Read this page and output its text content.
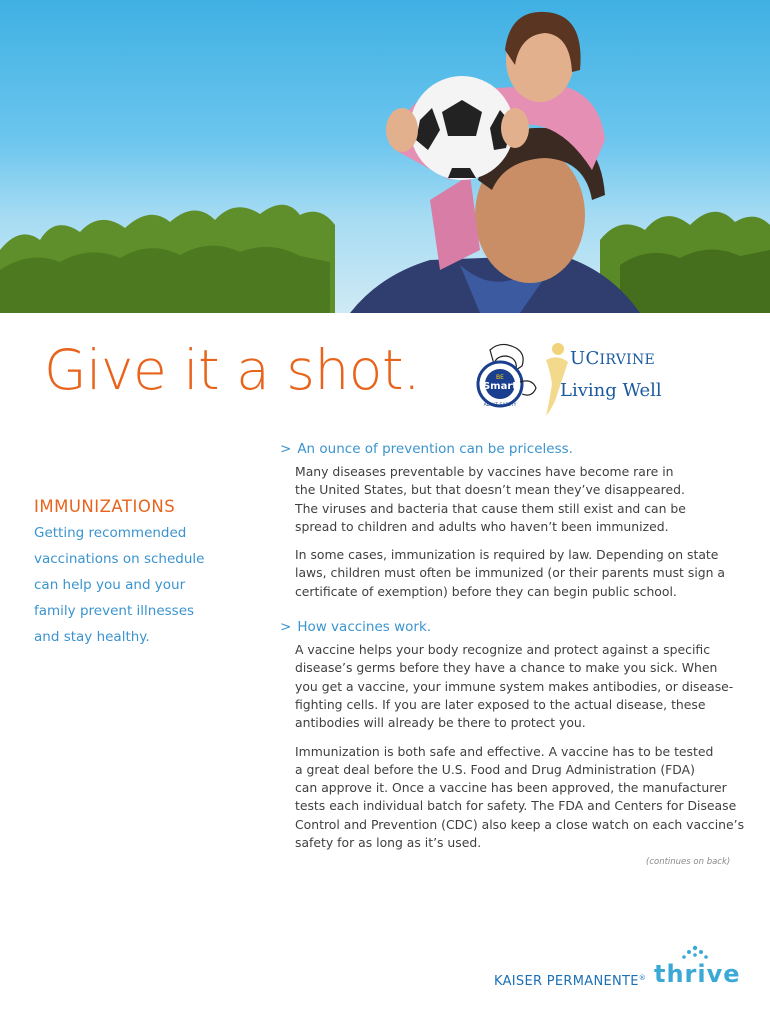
Give it a shot.	BE
Smart
ADULT SAFETY
UCIRVINE
Living Well
IMMUNIZATIONS
Getting recommended
vaccinations on schedule
can help you and your
family prevent illnesses
and stay healthy.
> An ounce of prevention can be priceless.
Many diseases preventable by vaccines have become rare in
the United States, but that doesn’t mean they’ve disappeared.
The viruses and bacteria that cause them still exist and can be
spread to children and adults who haven’t been immunized.
In some cases, immunization is required by law. Depending on state
laws, children must often be immunized (or their parents must sign a
certificate of exemption) before they can begin public school.
> How vaccines work.
A vaccine helps your body recognize and protect against a specific
disease’s germs before they have a chance to make you sick. When
you get a vaccine, your immune system makes antibodies, or disease-
fighting cells. If you are later exposed to the actual disease, these
antibodies will already be there to protect you.
Immunization is both safe and effective. A vaccine has to be tested
a great deal before the U.S. Food and Drug Administration (FDA)
can approve it. Once a vaccine has been approved, the manufacturer
tests each individual batch for safety. The FDA and Centers for Disease
Control and Prevention (CDC) also keep a close watch on each vaccine’s
safety for as long as it’s used.
(continues on back)
KAISER PERMANENTE® thrive
